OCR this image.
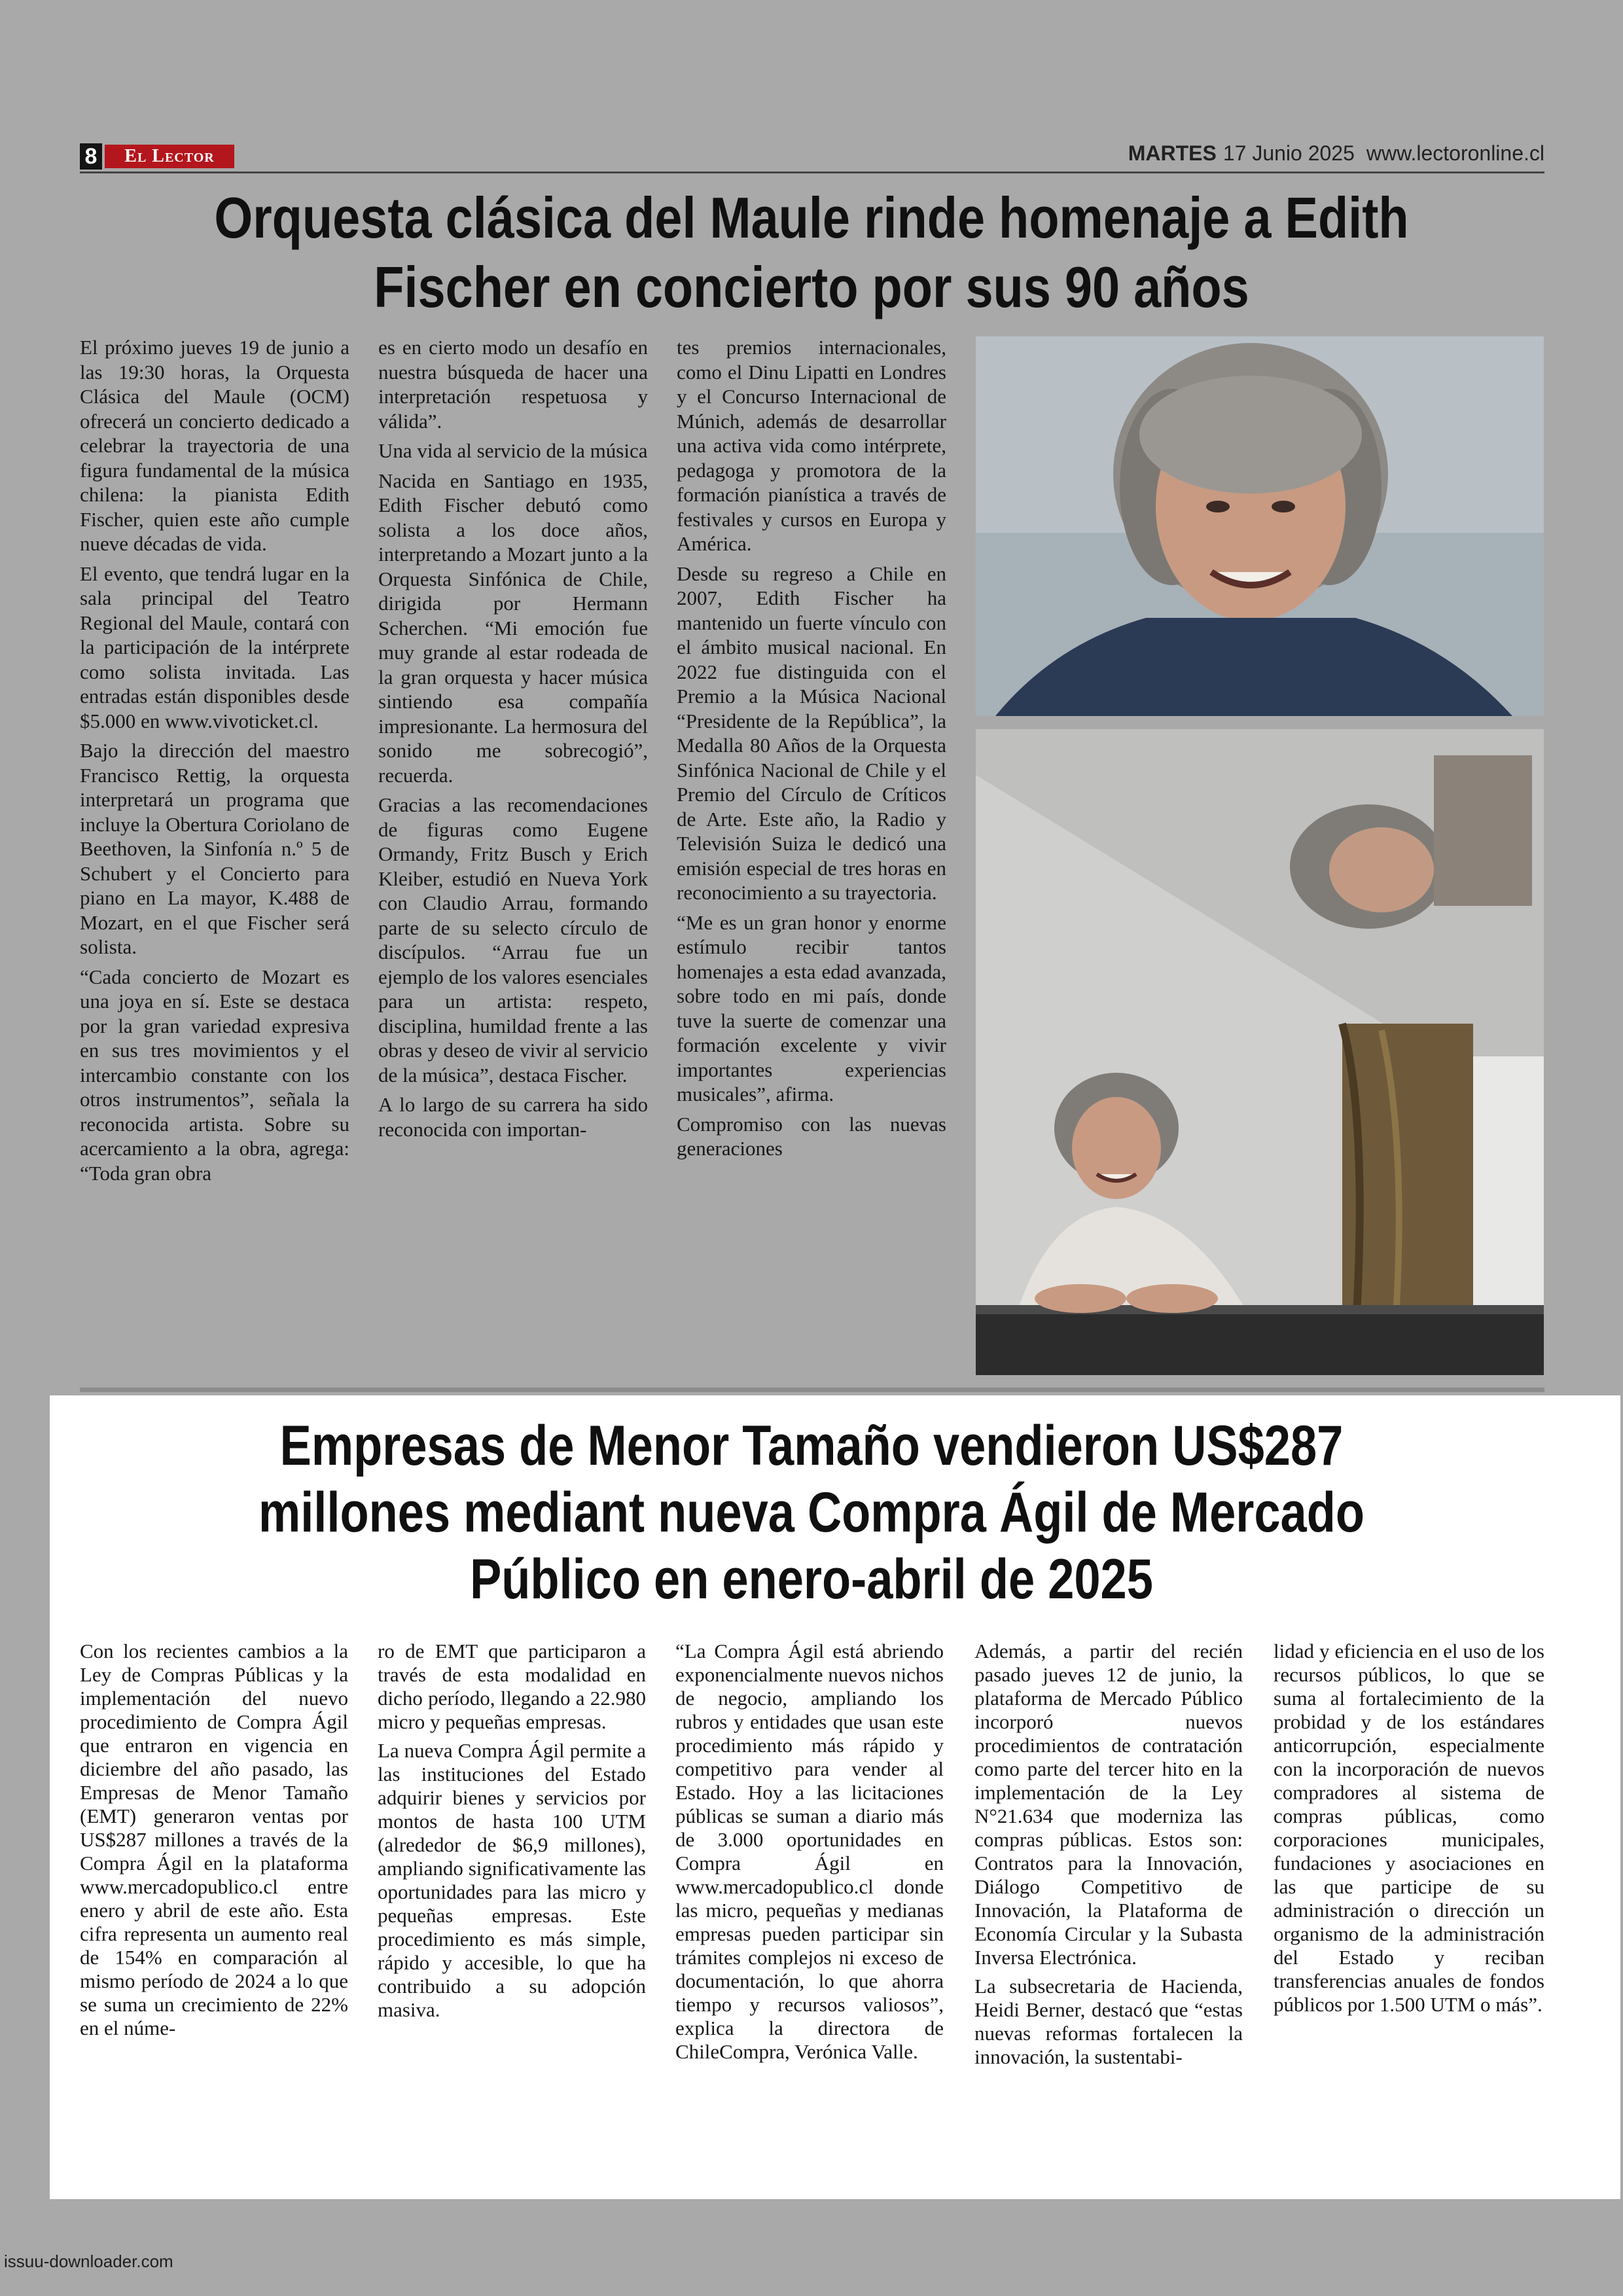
8	El Lector	MARTES 17 Junio 2025 www.lectoronline.cl
Orquesta clásica del Maule rinde homenaje a Edith Fischer en concierto por sus 90 años

El próximo jueves 19 de junio a las 19:30 horas, la Orquesta Clásica del Maule (OCM) ofrecerá un concierto dedicado a celebrar la trayectoria de una figura fundamental de la música chilena: la pianista Edith Fischer, quien este año cumple nueve décadas de vida.

El evento, que tendrá lugar en la sala principal del Teatro Regional del Maule, contará con la participación de la intérprete como solista invitada. Las entradas están disponibles desde $5.000 en www.vivoticket.cl.

Bajo la dirección del maestro Francisco Rettig, la orquesta interpretará un programa que incluye la Obertura Coriolano de Beethoven, la Sinfonía n.º 5 de Schubert y el Concierto para piano en La mayor, K.488 de Mozart, en el que Fischer será solista.

“Cada concierto de Mozart es una joya en sí. Este se destaca por la gran variedad expresiva en sus tres movimientos y el intercambio constante con los otros instrumentos”, señala la reconocida artista. Sobre su acercamiento a la obra, agrega: “Toda gran obra

es en cierto modo un desafío en nuestra búsqueda de hacer una interpretación respetuosa y válida”.

Una vida al servicio de la música

Nacida en Santiago en 1935, Edith Fischer debutó como solista a los doce años, interpretando a Mozart junto a la Orquesta Sinfónica de Chile, dirigida por Hermann Scherchen. “Mi emoción fue muy grande al estar rodeada de la gran orquesta y hacer música sintiendo esa compañía impresionante. La hermosura del sonido me sobrecogió”, recuerda.

Gracias a las recomendaciones de figuras como Eugene Ormandy, Fritz Busch y Erich Kleiber, estudió en Nueva York con Claudio Arrau, formando parte de su selecto círculo de discípulos. “Arrau fue un ejemplo de los valores esenciales para un artista: respeto, disciplina, humildad frente a las obras y deseo de vivir al servicio de la música”, destaca Fischer.

A lo largo de su carrera ha sido reconocida con importan-

tes premios internacionales, como el Dinu Lipatti en Londres y el Concurso Internacional de Múnich, además de desarrollar una activa vida como intérprete, pedagoga y promotora de la formación pianística a través de festivales y cursos en Europa y América.

Desde su regreso a Chile en 2007, Edith Fischer ha mantenido un fuerte vínculo con el ámbito musical nacional. En 2022 fue distinguida con el Premio a la Música Nacional “Presidente de la República”, la Medalla 80 Años de la Orquesta Sinfónica Nacional de Chile y el Premio del Círculo de Críticos de Arte. Este año, la Radio y Televisión Suiza le dedicó una emisión especial de tres horas en reconocimiento a su trayectoria.

“Me es un gran honor y enorme estímulo recibir tantos homenajes a esta edad avanzada, sobre todo en mi país, donde tuve la suerte de comenzar una formación excelente y vivir importantes experiencias musicales”, afirma.

Compromiso con las nuevas generaciones

Empresas de Menor Tamaño vendieron US$287 millones mediant nueva Compra Ágil de Mercado Público en enero-abril de 2025

Con los recientes cambios a la Ley de Compras Públicas y la implementación del nuevo procedimiento de Compra Ágil que entraron en vigencia en diciembre del año pasado, las Empresas de Menor Tamaño (EMT) generaron ventas por US$287 millones a través de la Compra Ágil en la plataforma www.mercadopublico.cl entre enero y abril de este año. Esta cifra representa un aumento real de 154% en comparación al mismo período de 2024 a lo que se suma un crecimiento de 22% en el núme-

ro de EMT que participaron a través de esta modalidad en dicho período, llegando a 22.980 micro y pequeñas empresas.

La nueva Compra Ágil permite a las instituciones del Estado adquirir bienes y servicios por montos de hasta 100 UTM (alrededor de $6,9 millones), ampliando significativamente las oportunidades para las micro y pequeñas empresas. Este procedimiento es más simple, rápido y accesible, lo que ha contribuido a su adopción masiva.

“La Compra Ágil está abriendo exponencialmente nuevos nichos de negocio, ampliando los rubros y entidades que usan este procedimiento más rápido y competitivo para vender al Estado. Hoy a las licitaciones públicas se suman a diario más de 3.000 oportunidades en Compra Ágil en www.mercadopublico.cl donde las micro, pequeñas y medianas empresas pueden participar sin trámites complejos ni exceso de documentación, lo que ahorra tiempo y recursos valiosos”, explica la directora de ChileCompra, Verónica Valle.

Además, a partir del recién pasado jueves 12 de junio, la plataforma de Mercado Público incorporó nuevos procedimientos de contratación como parte del tercer hito en la implementación de la Ley N°21.634 que moderniza las compras públicas. Estos son: Contratos para la Innovación, Diálogo Competitivo de Innovación, la Plataforma de Economía Circular y la Subasta Inversa Electrónica.

La subsecretaria de Hacienda, Heidi Berner, destacó que “estas nuevas reformas fortalecen la innovación, la sustentabi-

lidad y eficiencia en el uso de los recursos públicos, lo que se suma al fortalecimiento de la probidad y de los estándares anticorrupción, especialmente con la incorporación de nuevos compradores al sistema de compras públicas, como corporaciones municipales, fundaciones y asociaciones en las que participe de su administración o dirección un organismo de la administración del Estado y reciban transferencias anuales de fondos públicos por 1.500 UTM o más”.

issuu-downloader.com
